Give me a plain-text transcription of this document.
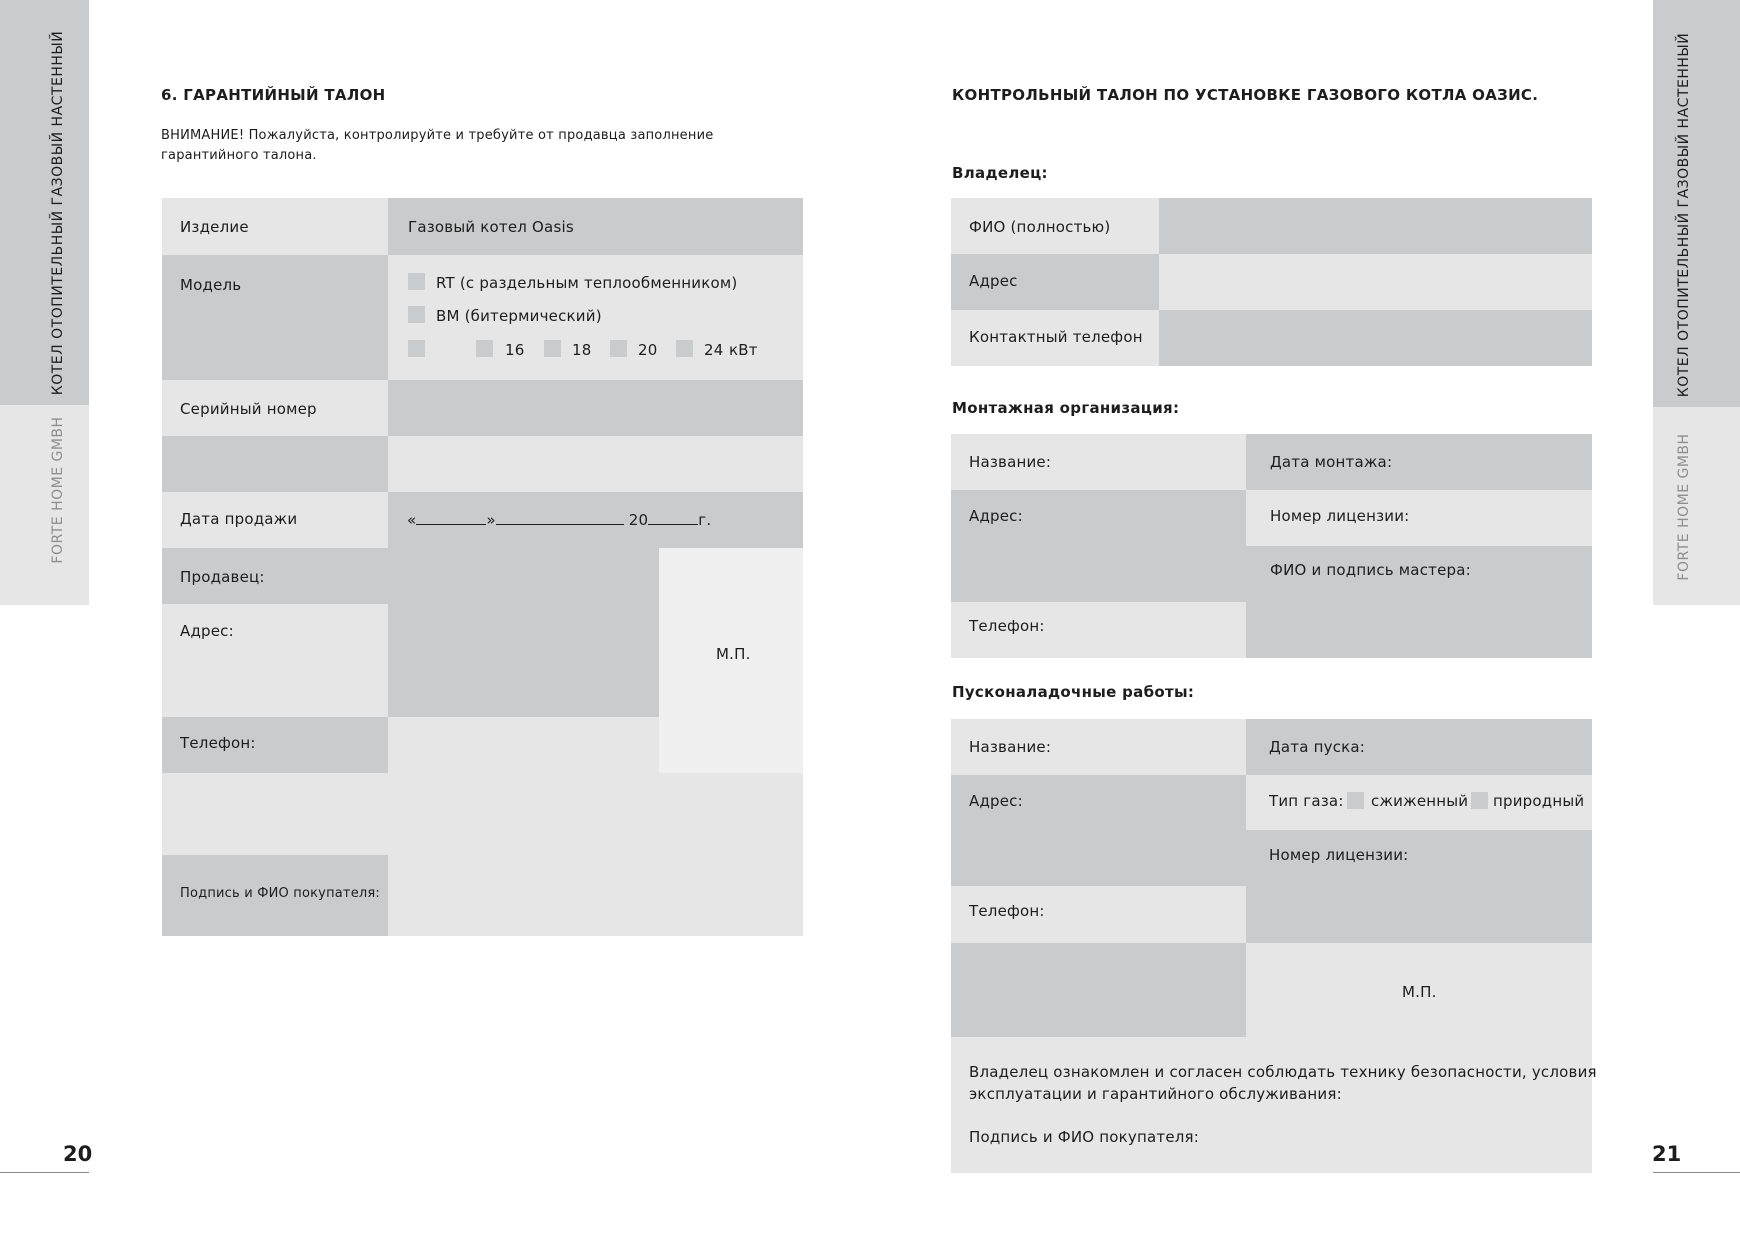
КОТЕЛ ОТОПИТЕЛЬНЫЙ ГАЗОВЫЙ НАСТЕННЫЙ
FORTE HOME GMBH
КОТЕЛ ОТОПИТЕЛЬНЫЙ ГАЗОВЫЙ НАСТЕННЫЙ
FORTE HOME GMBH
20	21
6. ГАРАНТИЙНЫЙ ТАЛОН
ВНИМАНИЕ! Пожалуйста, контролируйте и требуйте от продавца заполнение
гарантийного талона.
Изделие	Газовый котел Oasis
Модель	RT (с раздельным теплообменником)
BM (битермический)
16	18	20	24 кВт
Серийный номер
Дата продажи	«	»	20	г.
Продавец:
Адрес:
М.П.
Телефон:
Подпись и ФИО покупателя:
КОНТРОЛЬНЫЙ ТАЛОН ПО УСТАНОВКЕ ГАЗОВОГО КОТЛА ОАЗИС.
Владелец:
ФИО (полностью)
Адрес
Контактный телефон
Монтажная организация:
Название:	Дата монтажа:
Адрес:	Номер лицензии:
ФИО и подпись мастера:
Телефон:
Пусконаладочные работы:
Название:	Дата пуска:
Адрес:	Тип газа: сжиженный природный
Номер лицензии:
Телефон:
М.П.
Владелец ознакомлен и согласен соблюдать технику безопасности, условия
эксплуатации и гарантийного обслуживания:
Подпись и ФИО покупателя:
